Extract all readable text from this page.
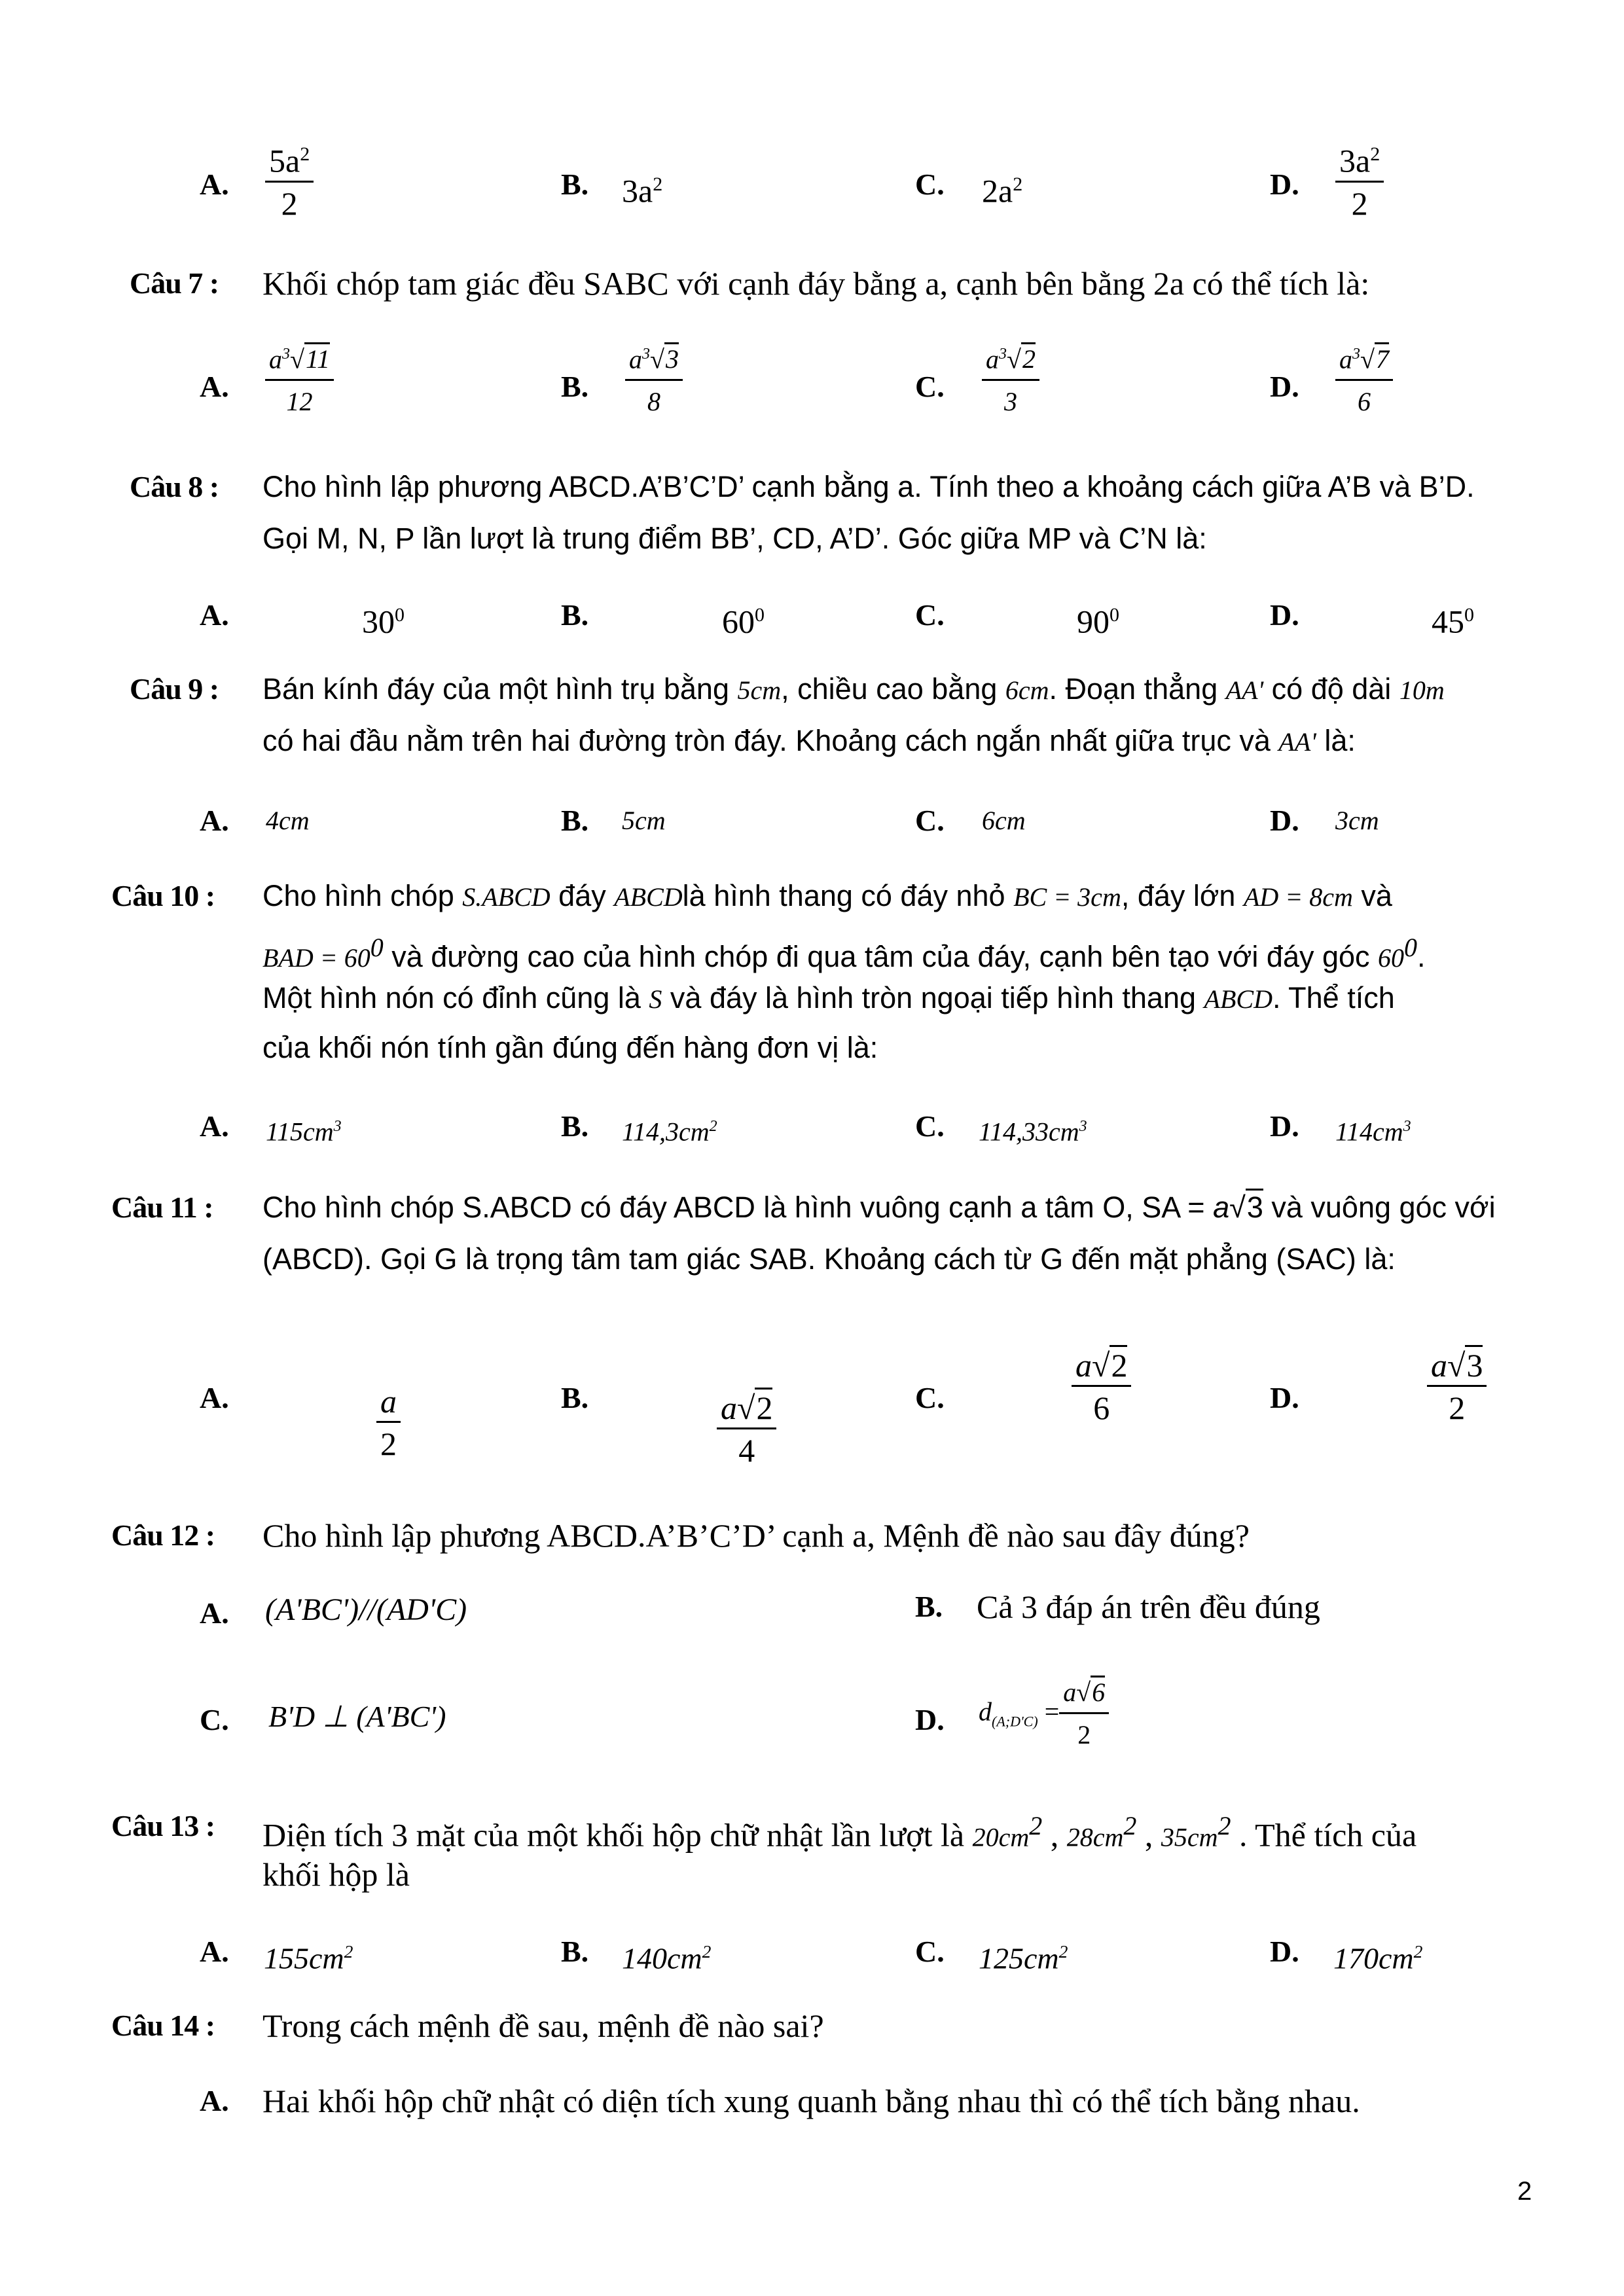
A. $\frac{5a^2}{2}$	B. $3a^2$	C. $2a^2$	D. $\frac{3a^2}{2}$
Câu 7 : Khối chóp tam giác đều SABC với cạnh đáy bằng a, cạnh bên bằng 2a có thể tích là:
A. $\frac{a^3√11}{12}$	B. $\frac{a^3√3}{8}$	C. $\frac{a^3√2}{3}$	D. $\frac{a^3√7}{6}$
Câu 8 : Cho hình lập phương ABCD.A’B’C’D’ cạnh bằng a. Tính theo a khoảng cách giữa A’B và B’D.
Gọi M, N, P lần lượt là trung điểm BB’, CD, A’D’. Góc giữa MP và C’N là:
A.	$30^0$	B.	$60^0$	C.	$90^0$	D.	$45^0$
Câu 9 : Bán kính đáy của một hình trụ bằng 5cm, chiều cao bằng 6cm. Đoạn thẳng AA' có độ dài 10m
có hai đầu nằm trên hai đường tròn đáy. Khoảng cách ngắn nhất giữa trục và AA' là:
A. 4cm	B. 5cm	C. 6cm	D. 3cm
Câu 10 : Cho hình chóp S.ABCD đáy ABCDlà hình thang có đáy nhỏ BC = 3cm, đáy lớn AD = 8cm và
BAD = $60^0$ và đường cao của hình chóp đi qua tâm của đáy, cạnh bên tạo với đáy góc $60^0$.
Một hình nón có đỉnh cũng là S và đáy là hình tròn ngoại tiếp hình thang ABCD. Thể tích
của khối nón tính gần đúng đến hàng đơn vị là:
A. $115cm^3$	B. $114,3cm^2$	C. $114,33cm^3$	D. $114cm^3$
Câu 11 : Cho hình chóp S.ABCD có đáy ABCD là hình vuông cạnh a tâm O, SA = a√3 và vuông góc với
(ABCD). Gọi G là trọng tâm tam giác SAB. Khoảng cách từ G đến mặt phẳng (SAC) là:
A.	$\frac{a}{2}$	B.	$\frac{a√2}{4}$	C.	$\frac{a√2}{6}$	D.	$\frac{a√3}{2}$
Câu 12 : Cho hình lập phương ABCD.A’B’C’D’ cạnh a, Mệnh đề nào sau đây đúng?
A. (A'BC')//(AD'C)	B. Cả 3 đáp án trên đều đúng
C. B'D ⊥ (A'BC')	D. $d_{(A;D'C)} = \frac{a√6}{2}$
Câu 13 : Diện tích 3 mặt của một khối hộp chữ nhật lần lượt là $20cm^2$ , $28cm^2$ , $35cm^2$ . Thể tích của
khối hộp là
A. $155cm^2$	B. $140cm^2$	C. $125cm^2$	D. $170cm^2$
Câu 14 : Trong cách mệnh đề sau, mệnh đề nào sai?
A. Hai khối hộp chữ nhật có diện tích xung quanh bằng nhau thì có thể tích bằng nhau.
2
